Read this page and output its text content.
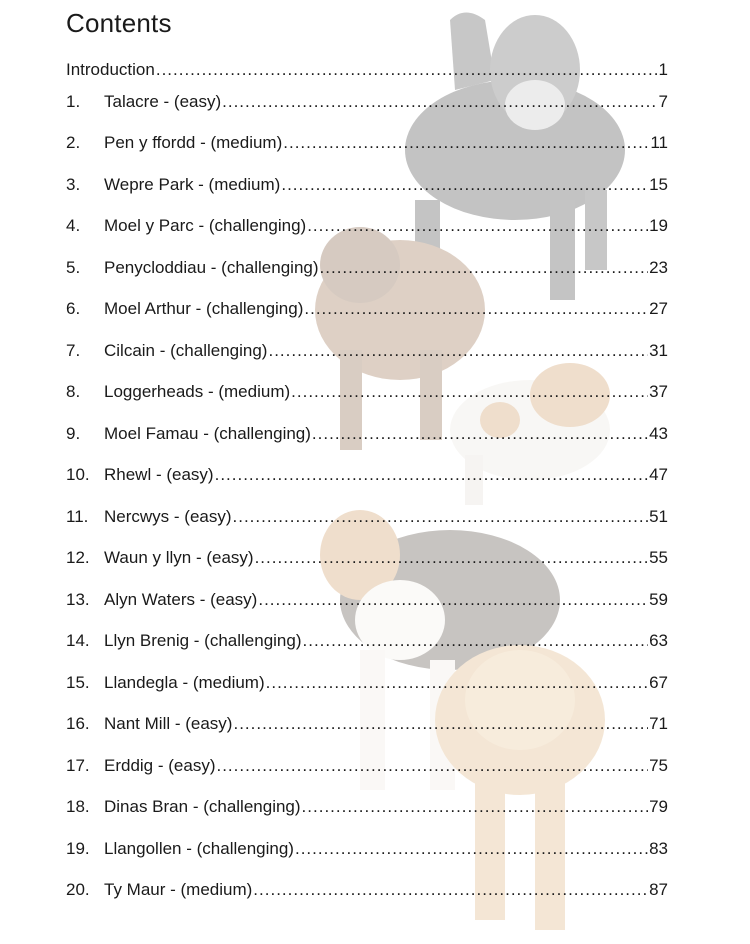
Contents
Introduction .....	1
1.	Talacre - (easy) .....	7
2.	Pen y ffordd - (medium) .....	11
3.	Wepre Park - (medium) .....	15
4.	Moel y Parc - (challenging) .....	19
5.	Penycloddiau - (challenging) .....	23
6.	Moel Arthur - (challenging) .....	27
7.	Cilcain - (challenging) .....	31
8.	Loggerheads - (medium) .....	37
9.	Moel Famau - (challenging) .....	43
10. Rhewl - (easy) .....	47
11. Nercwys - (easy) .....	51
12. Waun y llyn - (easy) .....	55
13. Alyn Waters - (easy) .....	59
14. Llyn Brenig - (challenging) .....	63
15. Llandegla - (medium) .....	67
16. Nant Mill - (easy) .....	71
17. Erddig - (easy) .....	75
18. Dinas Bran - (challenging) .....	79
19. Llangollen - (challenging) .....	83
20. Ty Maur - (medium) .....	87
